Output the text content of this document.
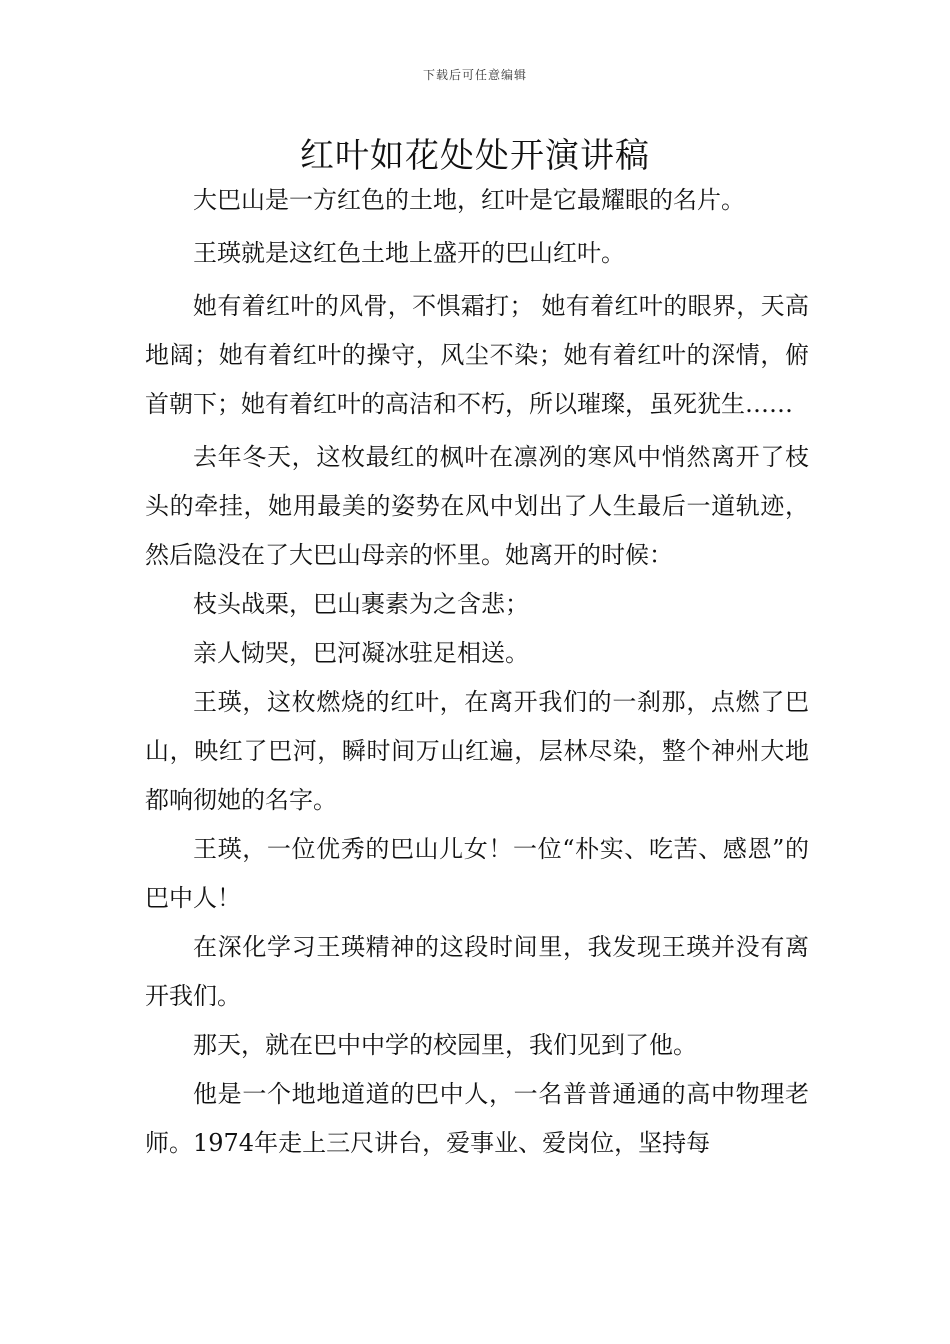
下载后可任意编辑
红叶如花处处开演讲稿

大巴山是一方红色的土地，红叶是它最耀眼的名片。

王瑛就是这红色土地上盛开的巴山红叶。

她有着红叶的风骨，不惧霜打； 她有着红叶的眼界，天高地阔；她有着红叶的操守，风尘不染；她有着红叶的深情，俯首朝下；她有着红叶的高洁和不朽，所以璀璨，虽死犹生……

去年冬天，这枚最红的枫叶在凛冽的寒风中悄然离开了枝头的牵挂，她用最美的姿势在风中划出了人生最后一道轨迹，然后隐没在了大巴山母亲的怀里。她离开的时候：

枝头战栗，巴山裹素为之含悲；

亲人恸哭，巴河凝冰驻足相送。

王瑛，这枚燃烧的红叶，在离开我们的一刹那，点燃了巴山，映红了巴河，瞬时间万山红遍，层林尽染，整个神州大地都响彻她的名字。

王瑛，一位优秀的巴山儿女！一位“朴实、吃苦、感恩”的巴中人！

在深化学习王瑛精神的这段时间里，我发现王瑛并没有离开我们。

那天，就在巴中中学的校园里，我们见到了他。

他是一个地地道道的巴中人，一名普普通通的高中物理老师。1974年走上三尺讲台，爱事业、爱岗位，坚持每
